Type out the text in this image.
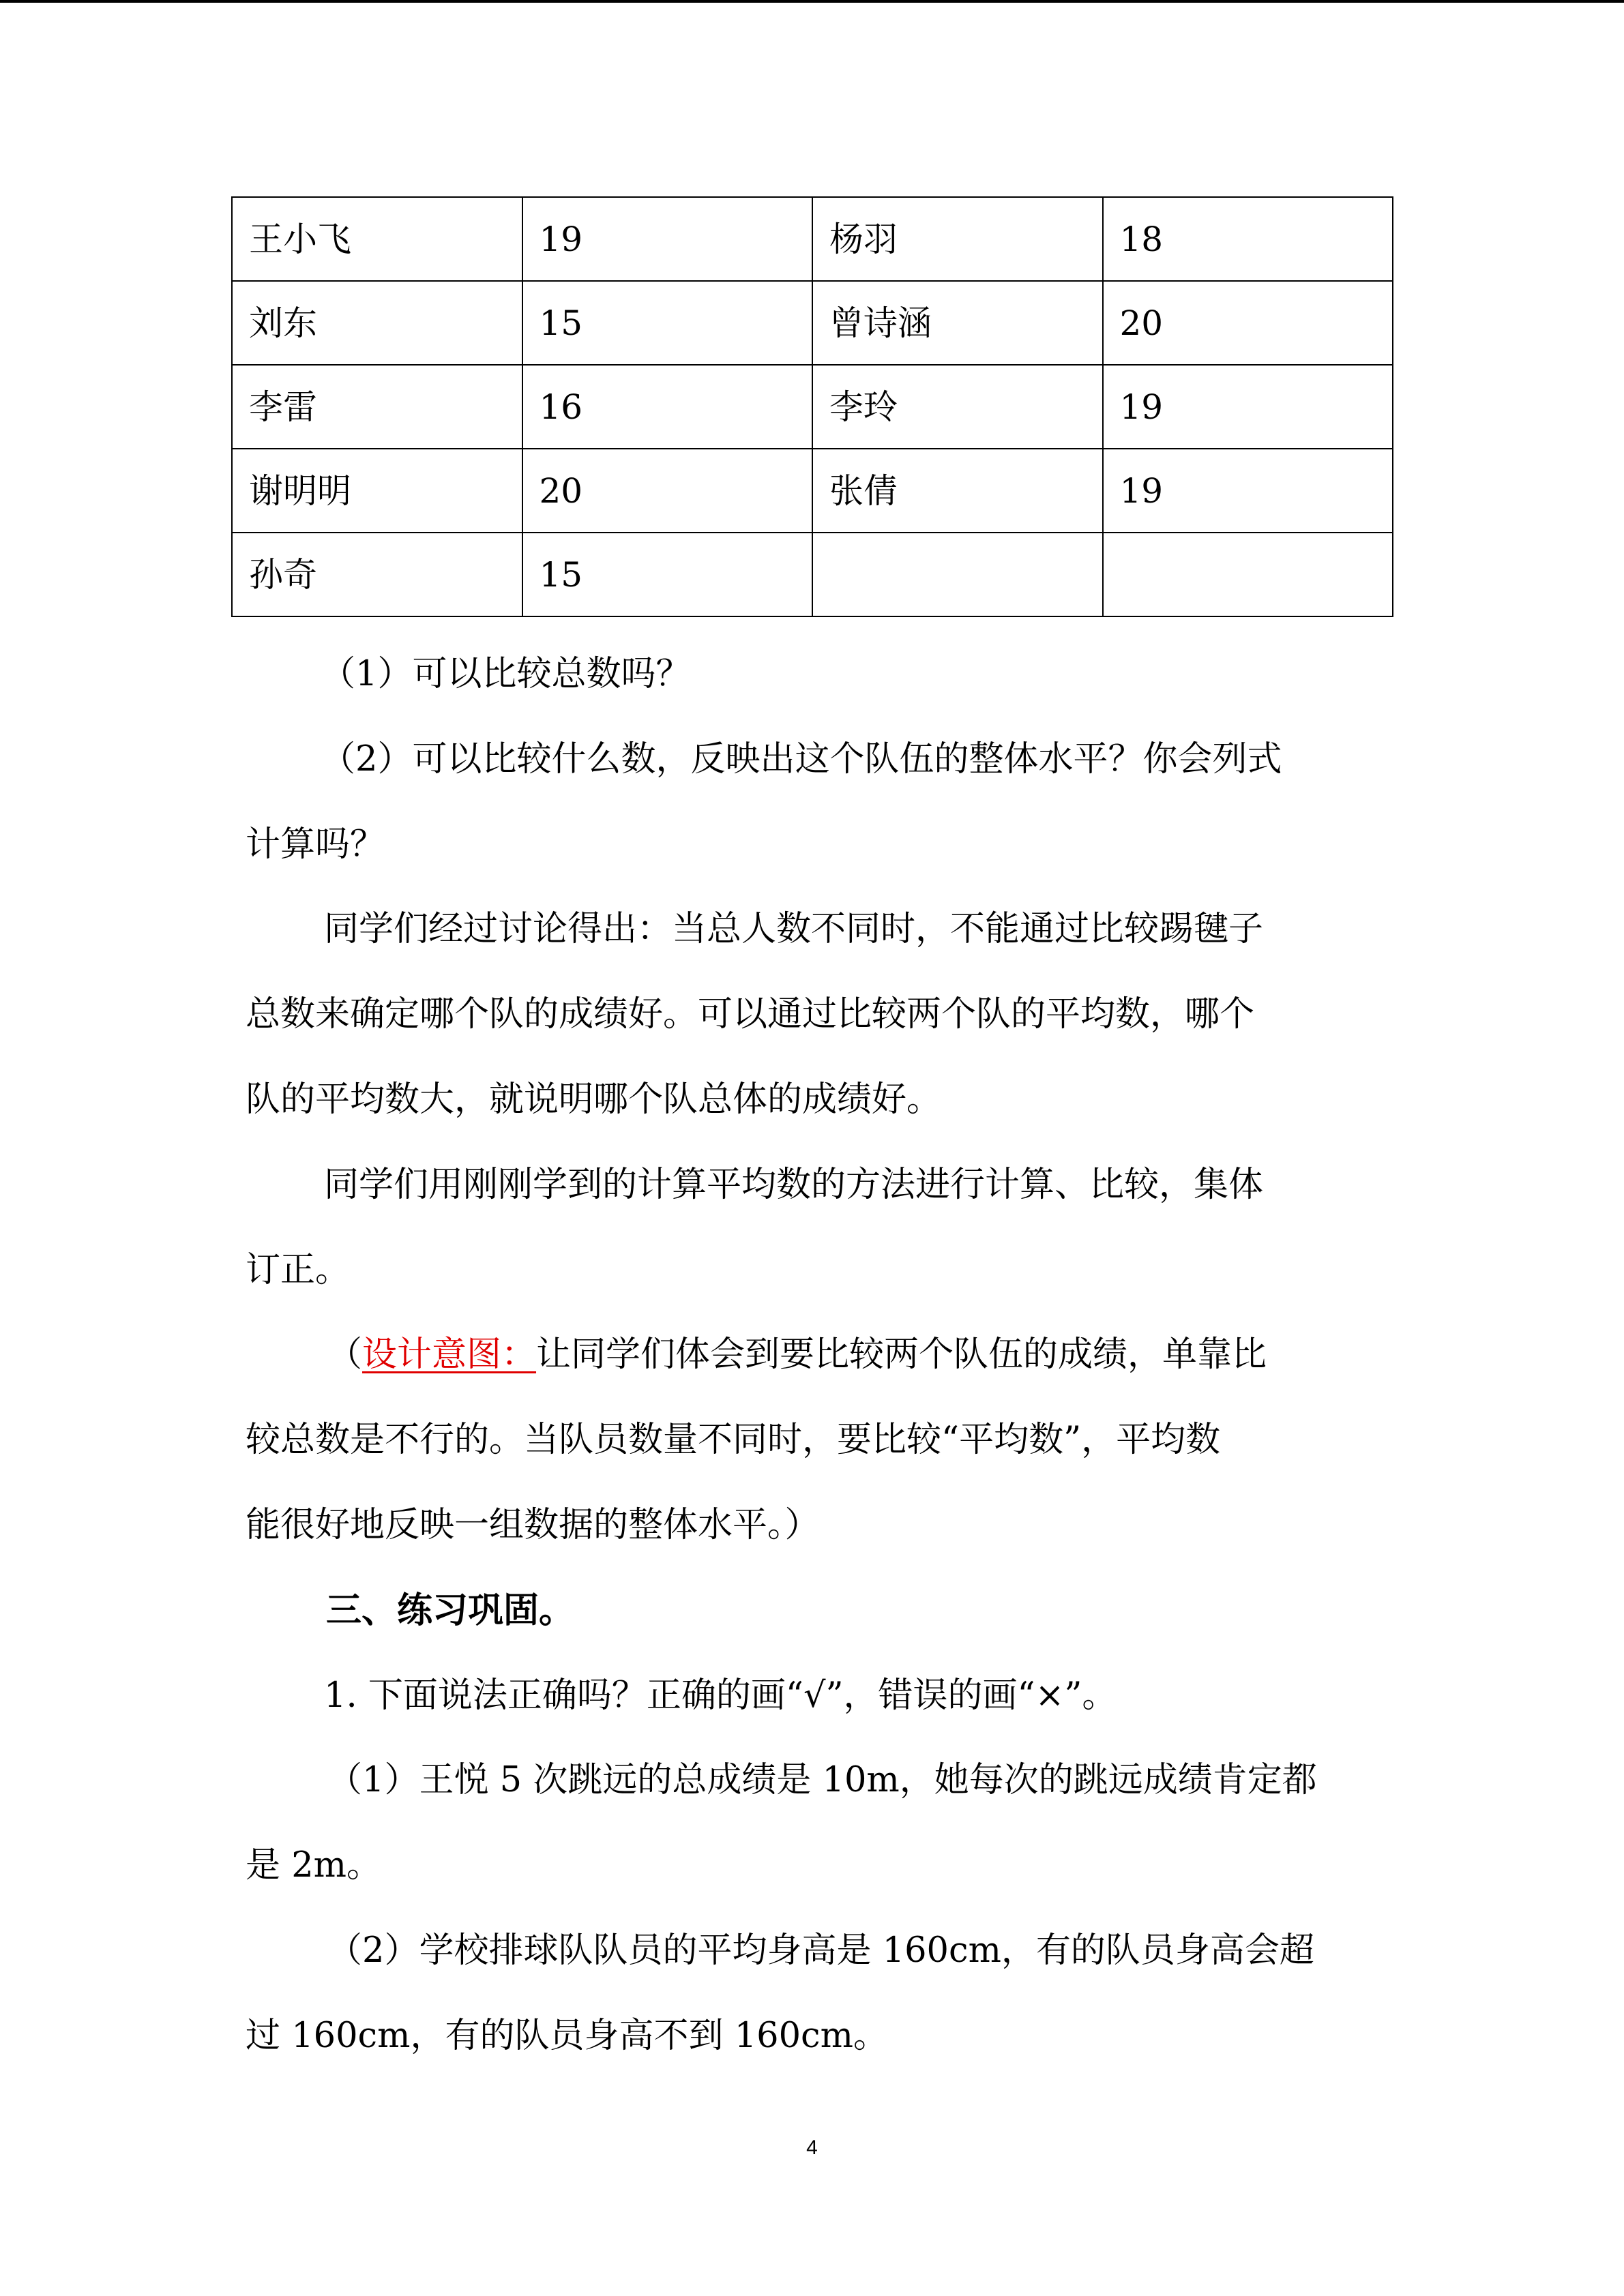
王小飞	19	杨羽	18
刘东	15	曾诗涵	20
李雷	16	李玲	19
谢明明	20	张倩	19
孙奇	15		

（1）可以比较总数吗？

（2）可以比较什么数，反映出这个队伍的整体水平？你会列式

计算吗？

同学们经过讨论得出：当总人数不同时，不能通过比较踢毽子

总数来确定哪个队的成绩好。可以通过比较两个队的平均数，哪个

队的平均数大，就说明哪个队总体的成绩好。

同学们用刚刚学到的计算平均数的方法进行计算、比较，集体

订正。

（设计意图：让同学们体会到要比较两个队伍的成绩，单靠比

较总数是不行的。当队员数量不同时，要比较“平均数”，平均数

能很好地反映一组数据的整体水平。）

三、练习巩固。

1. 下面说法正确吗？正确的画“√”，错误的画“×”。

（1）王悦 5 次跳远的总成绩是 10m，她每次的跳远成绩肯定都

是 2m。

（2）学校排球队队员的平均身高是 160cm，有的队员身高会超

过 160cm，有的队员身高不到 160cm。

4
